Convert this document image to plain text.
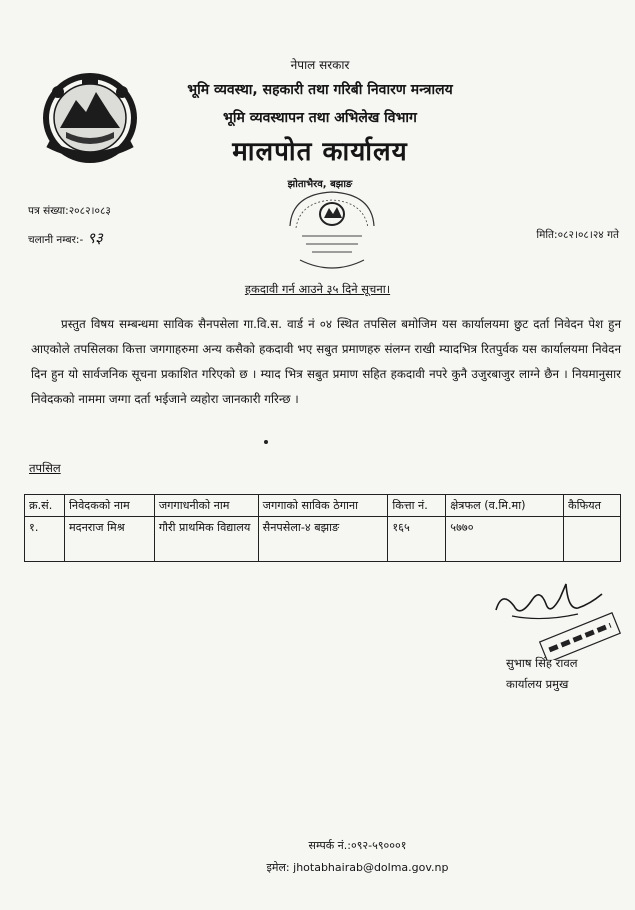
नेपाल सरकार
भूमि व्यवस्था, सहकारी तथा गरिबी निवारण मन्त्रालय
भूमि व्यवस्थापन तथा अभिलेख विभाग
मालपोत कार्यालय
झोताभैरव, बझाङ
पत्र संख्या:२०८२।०८३
चलानी नम्बर:- ९३	मिति:०८२।०८।२४ गते
हकदावी गर्न आउने ३५ दिने सूचना।
प्रस्तुत विषय सम्बन्धमा साविक सैनपसेला गा.वि.स. वार्ड नं ०४ स्थित तपसिल बमोजिम यस कार्यालयमा छुट दर्ता निवेदन पेश हुन आएकोले तपसिलका कित्ता जगगाहरुमा अन्य कसैको हकदावी भए सबुत प्रमाणहरु संलग्न राखी म्यादभित्र रितपुर्वक यस कार्यालयमा निवेदन दिन हुन यो सार्वजनिक सूचना प्रकाशित गरिएको छ । म्याद भित्र सबुत प्रमाण सहित हकदावी नपरे कुनै उजुरबाजुर लाग्ने छैन । नियमानुसार निवेदकको नाममा जग्गा दर्ता भईजाने व्यहोरा जानकारी गरिन्छ ।
तपसिल
क्र.सं.	निवेदकको नाम	जगगाधनीको नाम	जगगाको साविक ठेगाना	कित्ता नं.	क्षेत्रफल (व.मि.मा)	कैफियत
१.	मदनराज मिश्र	गौरी प्राथमिक विद्यालय	सैनपसेला-४ बझाङ	१६५	५७७०	
सुभाष सिंह रावल
कार्यालय प्रमुख
सम्पर्क नं.:०९२-५९०००१
इमेल: jhotabhairab@dolma.gov.np
